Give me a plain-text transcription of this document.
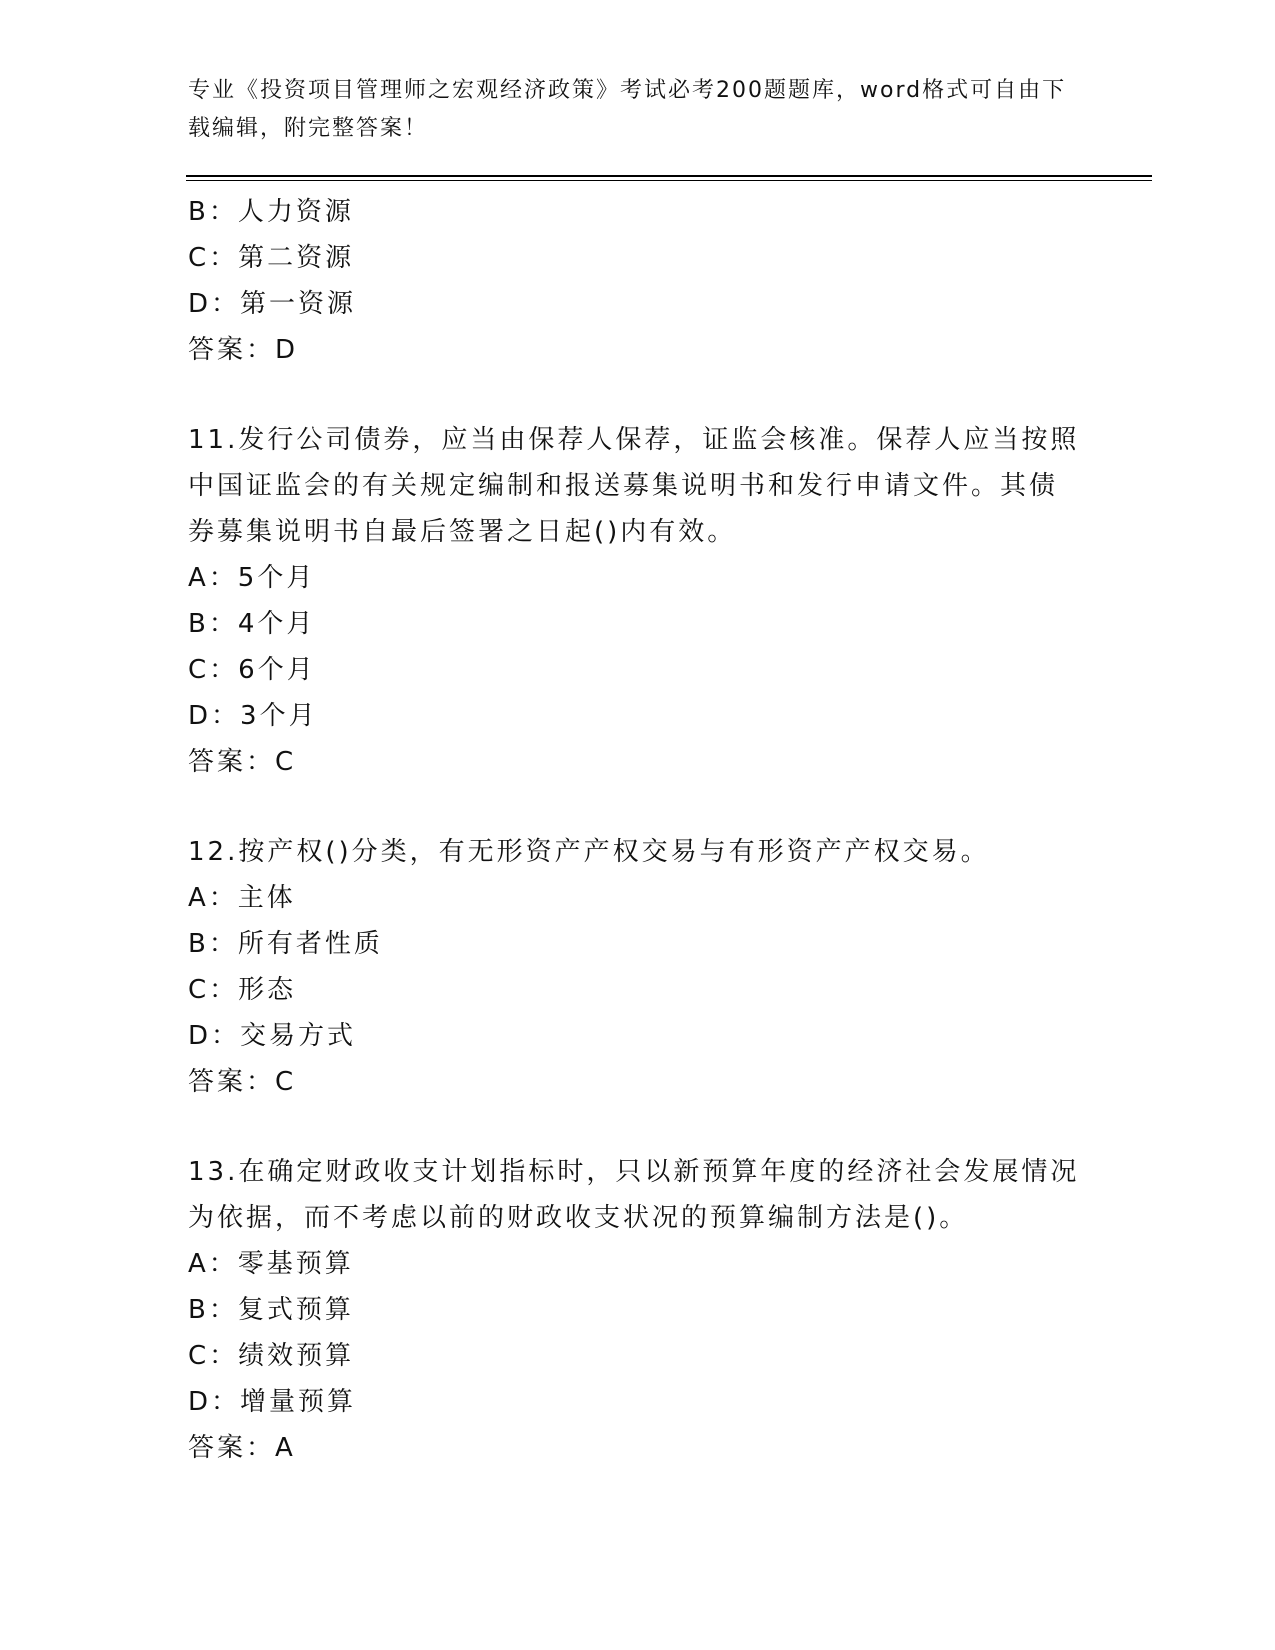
专业《投资项目管理师之宏观经济政策》考试必考200题题库，word格式可自由下载编辑，附完整答案！
B：人力资源
C：第二资源
D：第一资源
答案：D
11.发行公司债券，应当由保荐人保荐，证监会核准。保荐人应当按照
中国证监会的有关规定编制和报送募集说明书和发行申请文件。其债
券募集说明书自最后签署之日起()内有效。
A：5个月
B：4个月
C：6个月
D：3个月
答案：C
12.按产权()分类，有无形资产产权交易与有形资产产权交易。
A：主体
B：所有者性质
C：形态
D：交易方式
答案：C
13.在确定财政收支计划指标时，只以新预算年度的经济社会发展情况
为依据，而不考虑以前的财政收支状况的预算编制方法是()。
A：零基预算
B：复式预算
C：绩效预算
D：增量预算
答案：A
